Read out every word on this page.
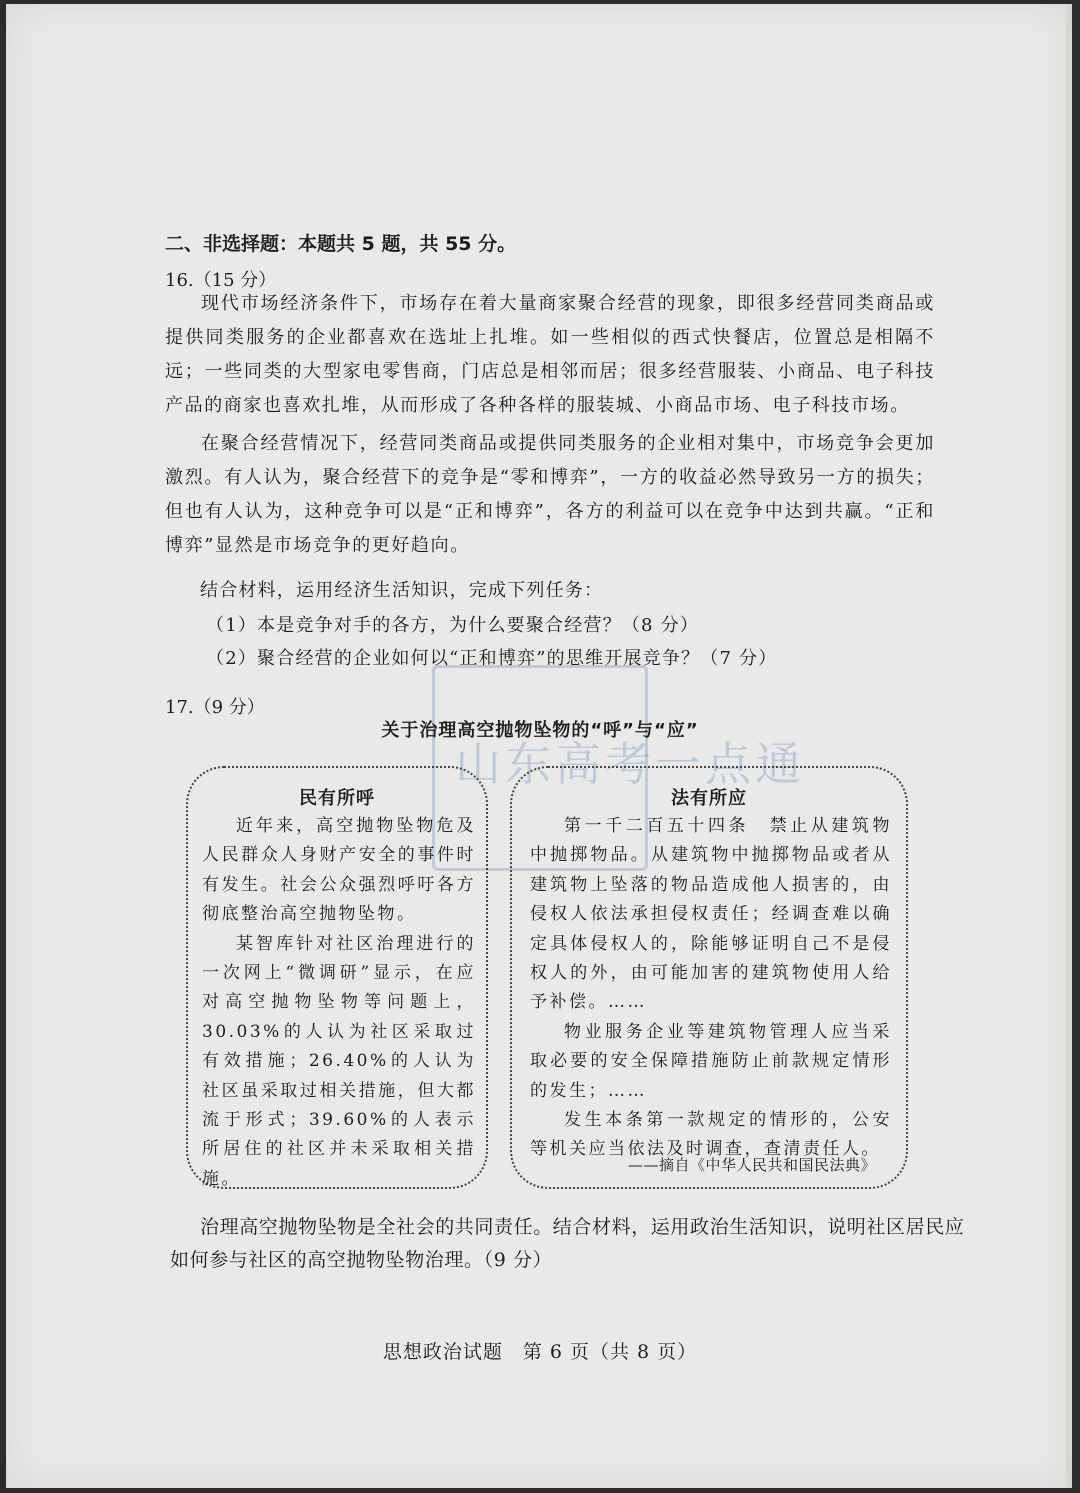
山东高考一点通
二、非选择题：本题共 5 题，共 55 分。
16.（15 分）

现代市场经济条件下，市场存在着大量商家聚合经营的现象，即很多经营同类商品或提供同类服务的企业都喜欢在选址上扎堆。如一些相似的西式快餐店，位置总是相隔不远；一些同类的大型家电零售商，门店总是相邻而居；很多经营服装、小商品、电子科技产品的商家也喜欢扎堆，从而形成了各种各样的服装城、小商品市场、电子科技市场。

在聚合经营情况下，经营同类商品或提供同类服务的企业相对集中，市场竞争会更加激烈。有人认为，聚合经营下的竞争是“零和博弈”，一方的收益必然导致另一方的损失；但也有人认为，这种竞争可以是“正和博弈”，各方的利益可以在竞争中达到共赢。“正和博弈”显然是市场竞争的更好趋向。

结合材料，运用经济生活知识，完成下列任务：
（1）本是竞争对手的各方，为什么要聚合经营？（8 分）
（2）聚合经营的企业如何以“正和博弈”的思维开展竞争？（7 分）
17.（9 分）
关于治理高空抛物坠物的“呼”与“应”
民有所呼

近年来，高空抛物坠物危及人民群众人身财产安全的事件时有发生。社会公众强烈呼吁各方彻底整治高空抛物坠物。

某智库针对社区治理进行的一次网上“微调研”显示，在应对高空抛物坠物等问题上，30.03%的人认为社区采取过有效措施；26.40%的人认为社区虽采取过相关措施，但大都流于形式；39.60%的人表示所居住的社区并未采取相关措施。

法有所应

第一千二百五十四条　禁止从建筑物中抛掷物品。从建筑物中抛掷物品或者从建筑物上坠落的物品造成他人损害的，由侵权人依法承担侵权责任；经调查难以确定具体侵权人的，除能够证明自己不是侵权人的外，由可能加害的建筑物使用人给予补偿。……

物业服务企业等建筑物管理人应当采取必要的安全保障措施防止前款规定情形的发生；……

发生本条第一款规定的情形的，公安等机关应当依法及时调查，查清责任人。

——摘自《中华人民共和国民法典》
治理高空抛物坠物是全社会的共同责任。结合材料，运用政治生活知识，说明社区居民应
如何参与社区的高空抛物坠物治理。（9 分）
思想政治试题　第 6 页（共 8 页）
